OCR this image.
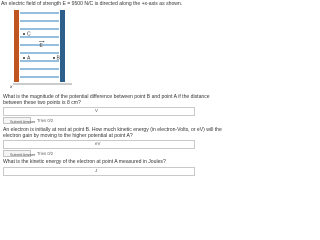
An electric field of strength E = 9500 N/C is directed along the +x-axis as shown.

C
E
A	B
x

What is the magnitude of the potential difference between point B and point A if the distance

between these two points is 8 cm?

V
Submit Answer Tries 0/2

An electron is initially at rest at point B. How much kinetic energy (in electron-Volts, or eV) will the

electron gain by moving to the higher potential at point A?

eV
Submit Answer Tries 0/2

What is the kinetic energy of the electron at point A measured in Joules?

J
